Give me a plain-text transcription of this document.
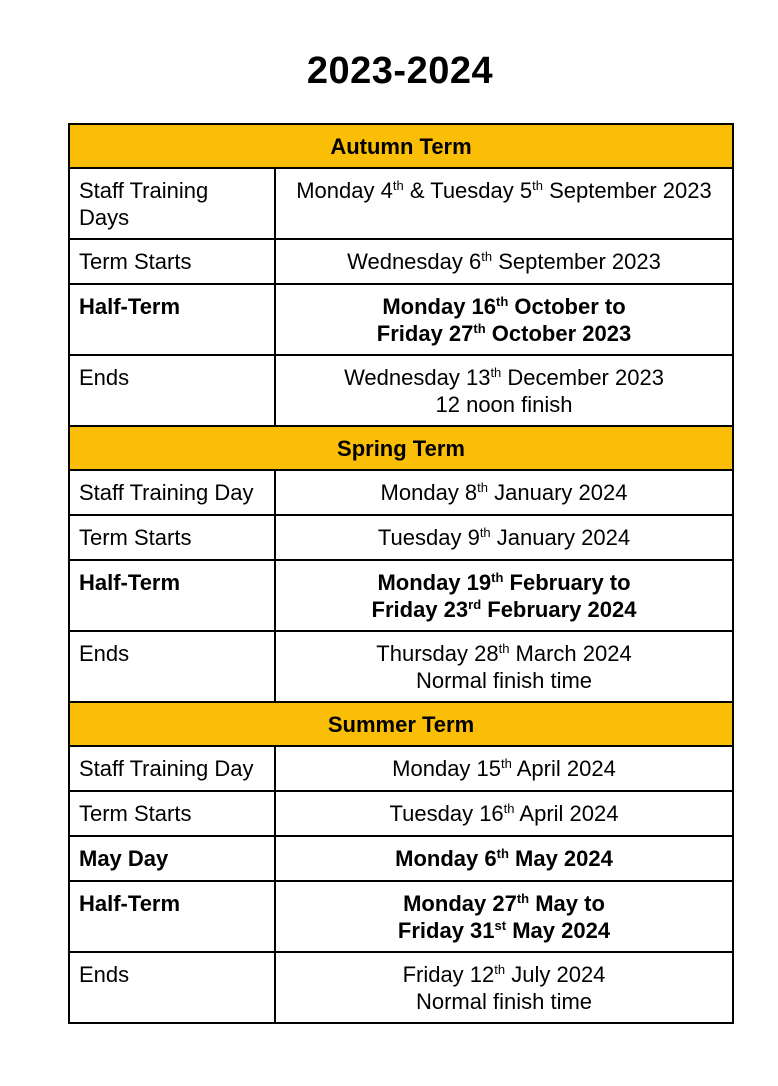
2023-2024
Autumn Term	
Staff Training Days	Monday 4th & Tuesday 5th September 2023

Term Starts	Wednesday 6th September 2023

Half-Term	Monday 16th October to
Friday 27th October 2023

Ends	Wednesday 13th December 2023
12 noon finish

Spring Term	
Staff Training Day	Monday 8th January 2024

Term Starts	Tuesday 9th January 2024

Half-Term	Monday 19th February to
Friday 23rd February 2024

Ends	Thursday 28th March 2024
Normal finish time

Summer Term	
Staff Training Day	Monday 15th April 2024

Term Starts	Tuesday 16th April 2024

May Day	Monday 6th May 2024

Half-Term	Monday 27th May to
Friday 31st May 2024

Ends	Friday 12th July 2024
Normal finish time
